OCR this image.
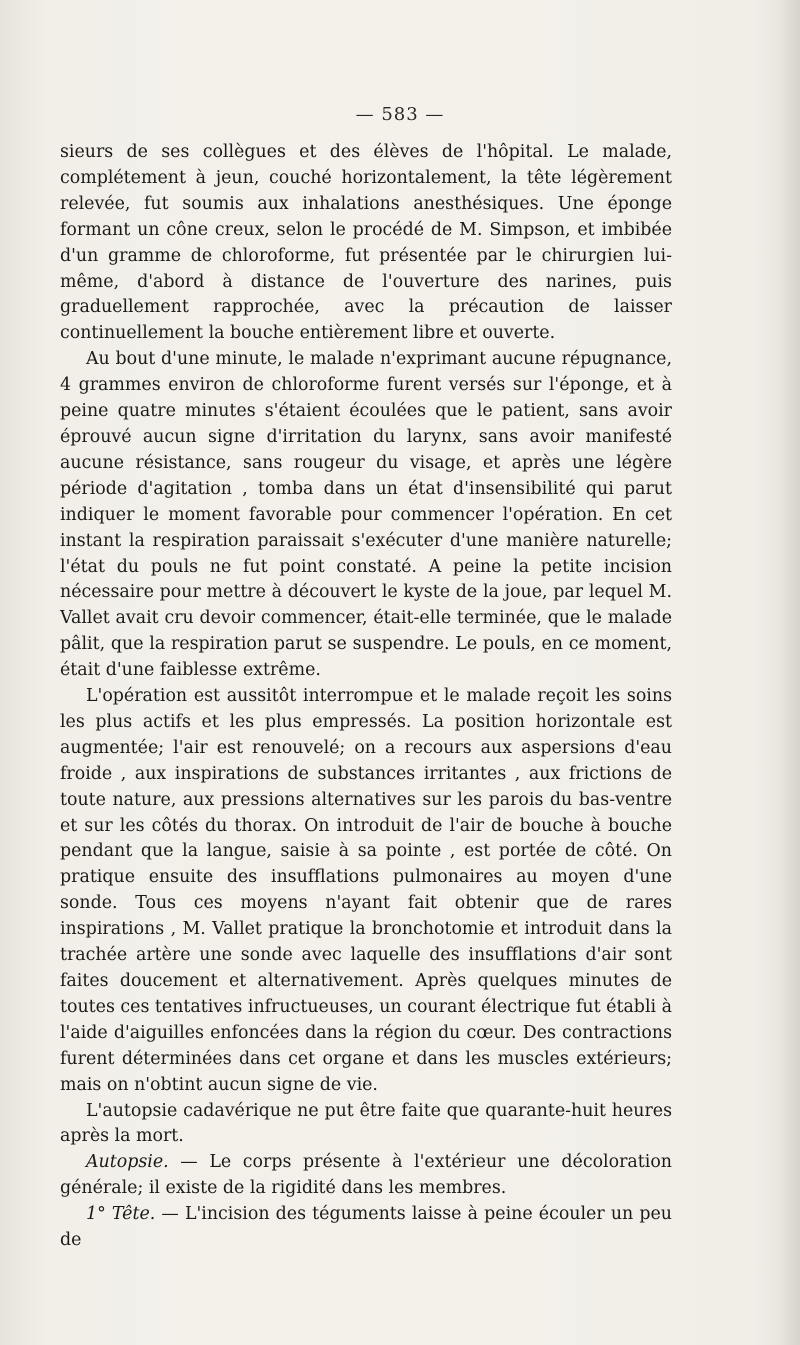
— 583 —

sieurs de ses collègues et des élèves de l'hôpital. Le malade, complétement à jeun, couché horizontalement, la tête légèrement relevée, fut soumis aux inhalations anesthésiques. Une éponge formant un cône creux, selon le procédé de M. Simpson, et imbibée d'un gramme de chloroforme, fut présentée par le chirurgien lui-même, d'abord à distance de l'ouverture des narines, puis graduellement rapprochée, avec la précaution de laisser continuellement la bouche entièrement libre et ouverte.

Au bout d'une minute, le malade n'exprimant aucune répugnance, 4 grammes environ de chloroforme furent versés sur l'éponge, et à peine quatre minutes s'étaient écoulées que le patient, sans avoir éprouvé aucun signe d'irritation du larynx, sans avoir manifesté aucune résistance, sans rougeur du visage, et après une légère période d'agitation , tomba dans un état d'insensibilité qui parut indiquer le moment favorable pour commencer l'opération. En cet instant la respiration paraissait s'exécuter d'une manière naturelle; l'état du pouls ne fut point constaté. A peine la petite incision nécessaire pour mettre à découvert le kyste de la joue, par lequel M. Vallet avait cru devoir commencer, était-elle terminée, que le malade pâlit, que la respiration parut se suspendre. Le pouls, en ce moment, était d'une faiblesse extrême.

L'opération est aussitôt interrompue et le malade reçoit les soins les plus actifs et les plus empressés. La position horizontale est augmentée; l'air est renouvelé; on a recours aux aspersions d'eau froide , aux inspirations de substances irritantes , aux frictions de toute nature, aux pressions alternatives sur les parois du bas-ventre et sur les côtés du thorax. On introduit de l'air de bouche à bouche pendant que la langue, saisie à sa pointe , est portée de côté. On pratique ensuite des insufflations pulmonaires au moyen d'une sonde. Tous ces moyens n'ayant fait obtenir que de rares inspirations , M. Vallet pratique la bronchotomie et introduit dans la trachée artère une sonde avec laquelle des insufflations d'air sont faites doucement et alternativement. Après quelques minutes de toutes ces tentatives infructueuses, un courant électrique fut établi à l'aide d'aiguilles enfoncées dans la région du cœur. Des contractions furent déterminées dans cet organe et dans les muscles extérieurs; mais on n'obtint aucun signe de vie.

L'autopsie cadavérique ne put être faite que quarante-huit heures après la mort.

Autopsie. — Le corps présente à l'extérieur une décoloration générale; il existe de la rigidité dans les membres.

1° Tête. — L'incision des téguments laisse à peine écouler un peu de
